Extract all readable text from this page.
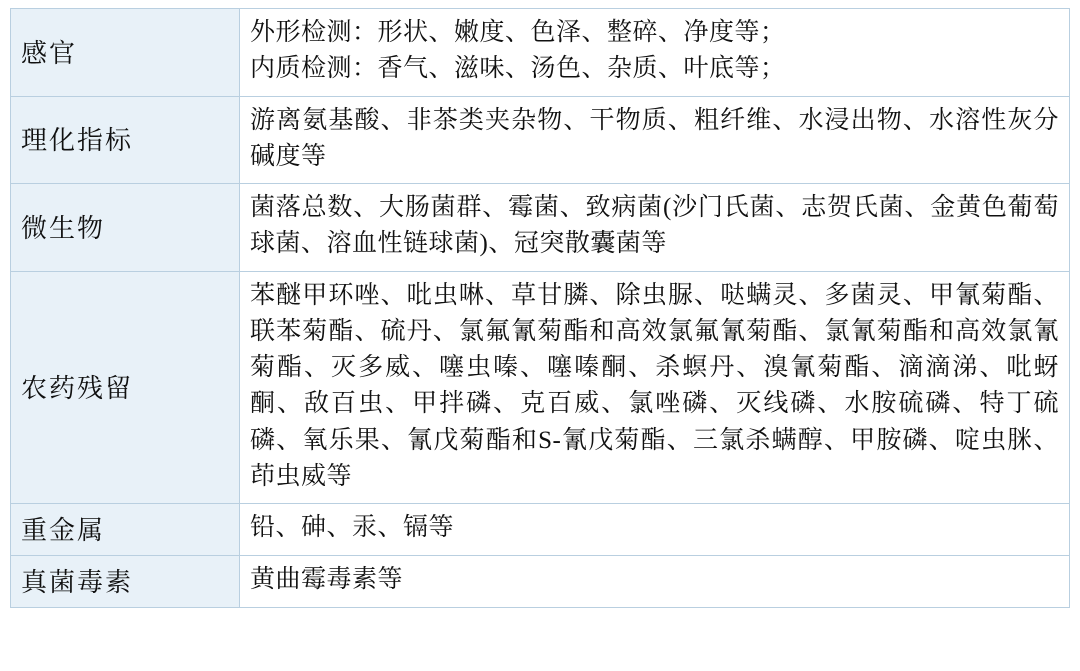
感官	外形检测：形状、嫩度、色泽、整碎、净度等；
内质检测：香气、滋味、汤色、杂质、叶底等；

理化指标	游离氨基酸、非茶类夹杂物、干物质、粗纤维、水浸出物、水溶性灰分碱度等
微生物	菌落总数、大肠菌群、霉菌、致病菌(沙门氏菌、志贺氏菌、金黄色葡萄球菌、溶血性链球菌)、冠突散囊菌等
农药残留	苯醚甲环唑、吡虫啉、草甘膦、除虫脲、哒螨灵、多菌灵、甲氰菊酯、联苯菊酯、硫丹、氯氟氰菊酯和高效氯氟氰菊酯、氯氰菊酯和高效氯氰菊酯、灭多威、噻虫嗪、噻嗪酮、杀螟丹、溴氰菊酯、滴滴涕、吡蚜酮、敌百虫、甲拌磷、克百威、氯唑磷、灭线磷、水胺硫磷、特丁硫磷、氧乐果、氰戊菊酯和S-氰戊菊酯、三氯杀螨醇、甲胺磷、啶虫脒、茚虫威等
重金属	铅、砷、汞、镉等
真菌毒素	黄曲霉毒素等
